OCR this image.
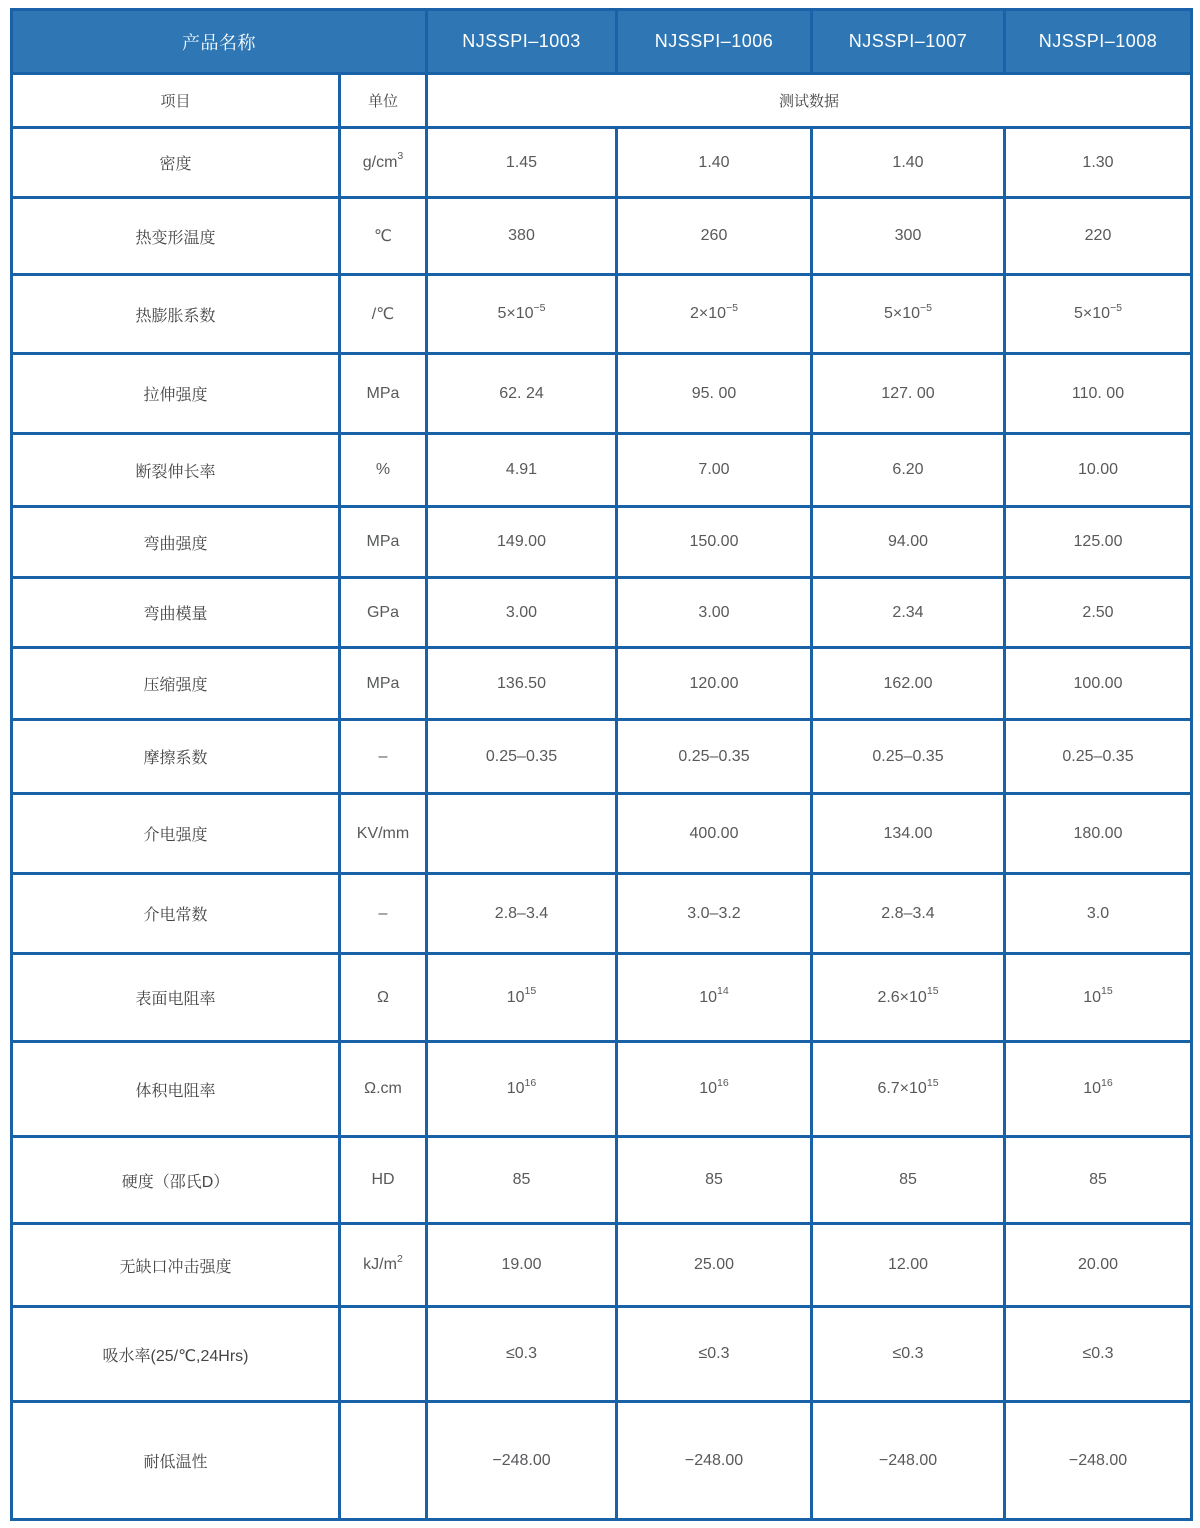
产品名称		NJSSPI–1003	NJSSPI–1006	NJSSPI–1007	NJSSPI–1008
项目	单位	测试数据			
密度	$g/cm^3$	1.45	1.40	1.40	1.30
热变形温度	℃	380	260	300	220
热膨胀系数	/℃	$5\times 10^{-5}$	$2\times 10^{-5}$	$5\times 10^{-5}$	$5\times 10^{-5}$
拉伸强度	MPa	62. 24	95. 00	127. 00	110. 00
断裂伸长率	%	4.91	7.00	6.20	10.00
弯曲强度	MPa	149.00	150.00	94.00	125.00
弯曲模量	GPa	3.00	3.00	2.34	2.50
压缩强度	MPa	136.50	120.00	162.00	100.00
摩擦系数	–	0.25–0.35	0.25–0.35	0.25–0.35	0.25–0.35
介电强度	KV/mm		400.00	134.00	180.00
介电常数	–	2.8–3.4	3.0–3.2	2.8–3.4	3.0
表面电阻率	Ω	$10^{15}$	$10^{14}$	$2.6\times 10^{15}$	$10^{15}$
体积电阻率	Ω.cm	$10^{16}$	$10^{16}$	$6.7\times 10^{15}$	$10^{16}$
硬度（邵氏D）	HD	85	85	85	85
无缺口冲击强度	$kJ/m^2$	19.00	25.00	12.00	20.00
吸水率(25/℃,24Hrs)		≤0.3	≤0.3	≤0.3	≤0.3
耐低温性		−248.00	−248.00	−248.00	−248.00
